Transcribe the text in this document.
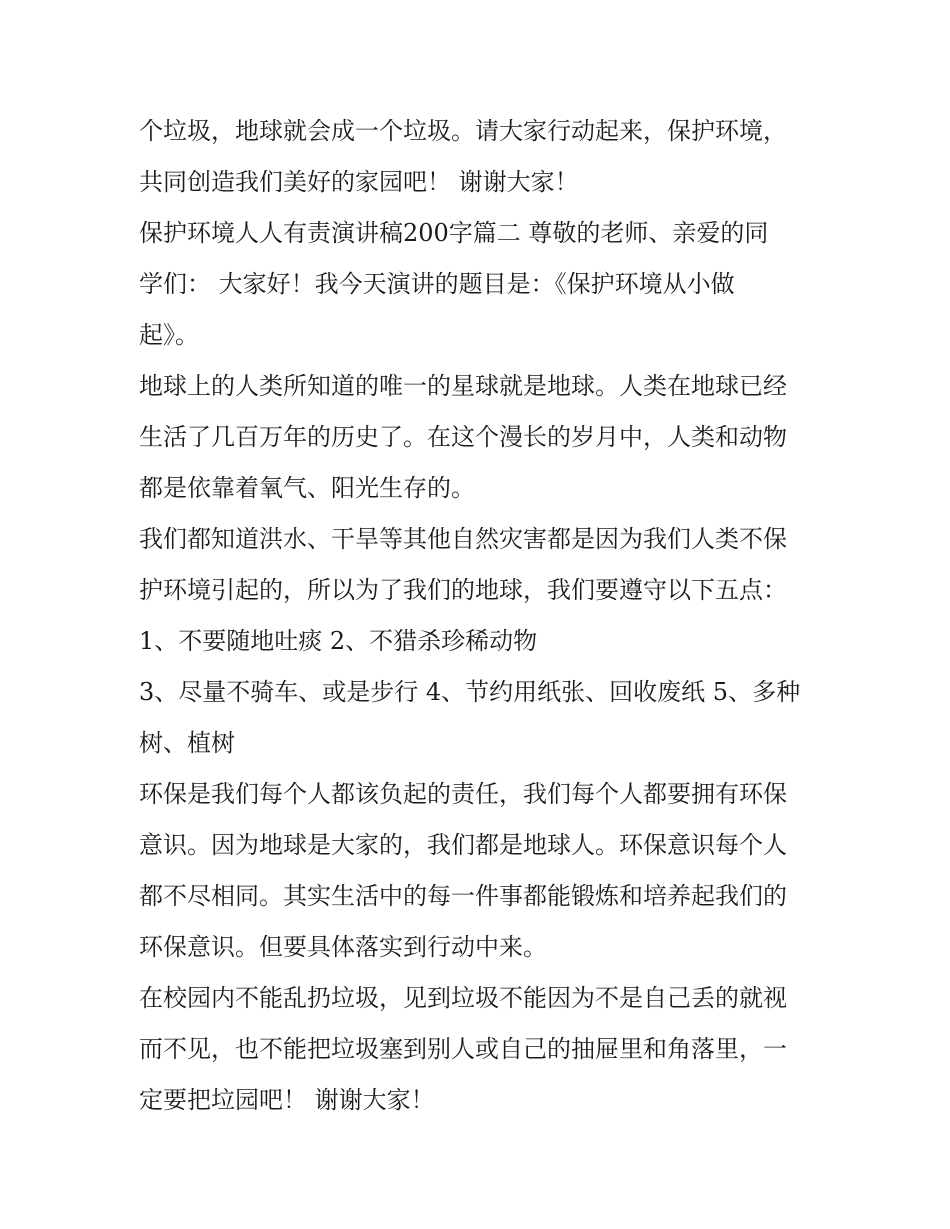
个垃圾，地球就会成一个垃圾。请大家行动起来，保护环境，
共同创造我们美好的家园吧！ 谢谢大家！
保护环境人人有责演讲稿200字篇二 尊敬的老师、亲爱的同
学们： 大家好！我今天演讲的题目是：《保护环境从小做
起》。
地球上的人类所知道的唯一的星球就是地球。人类在地球已经
生活了几百万年的历史了。在这个漫长的岁月中，人类和动物
都是依靠着氧气、阳光生存的。
我们都知道洪水、干旱等其他自然灾害都是因为我们人类不保
护环境引起的，所以为了我们的地球，我们要遵守以下五点：
1、不要随地吐痰 2、不猎杀珍稀动物
3、尽量不骑车、或是步行 4、节约用纸张、回收废纸 5、多种
树、植树
环保是我们每个人都该负起的责任，我们每个人都要拥有环保
意识。因为地球是大家的，我们都是地球人。环保意识每个人
都不尽相同。其实生活中的每一件事都能锻炼和培养起我们的
环保意识。但要具体落实到行动中来。
在校园内不能乱扔垃圾，见到垃圾不能因为不是自己丢的就视
而不见，也不能把垃圾塞到别人或自己的抽屉里和角落里，一
定要把垃园吧！ 谢谢大家！
